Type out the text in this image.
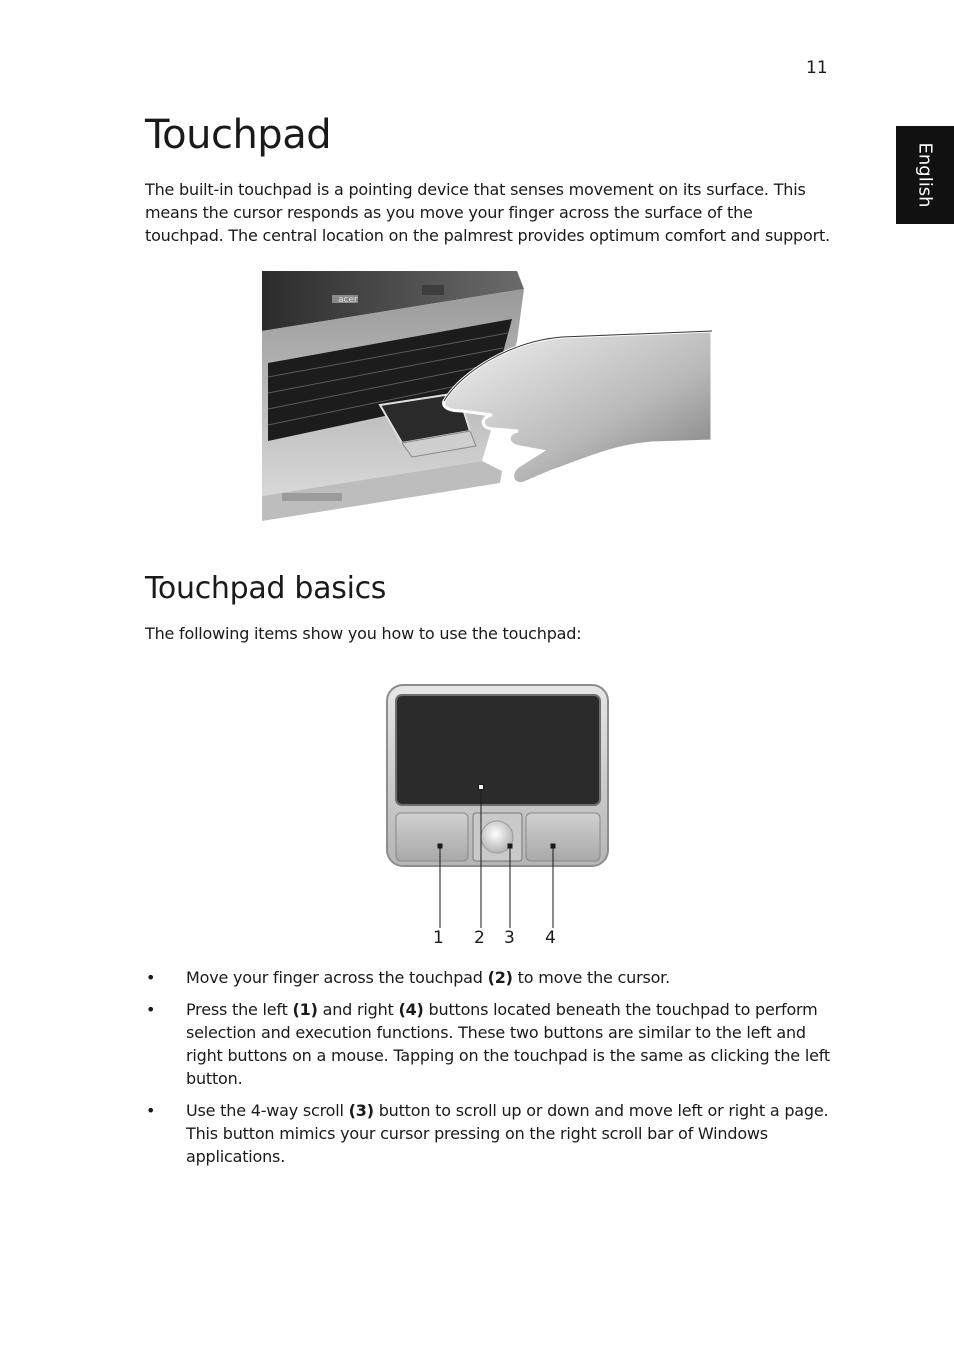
11
English
Touchpad

The built-in touchpad is a pointing device that senses movement on its surface. This means the cursor responds as you move your finger across the surface of the touchpad. The central location on the palmrest provides optimum comfort and support.

acer
Touchpad basics

The following items show you how to use the touchpad:

1 2 3 4
• Move your finger across the touchpad (2) to move the cursor.
• Press the left (1) and right (4) buttons located beneath the touchpad to perform selection and execution functions. These two buttons are similar to the left and right buttons on a mouse. Tapping on the touchpad is the same as clicking the left button.
• Use the 4-way scroll (3) button to scroll up or down and move left or right a page. This button mimics your cursor pressing on the right scroll bar of Windows applications.
